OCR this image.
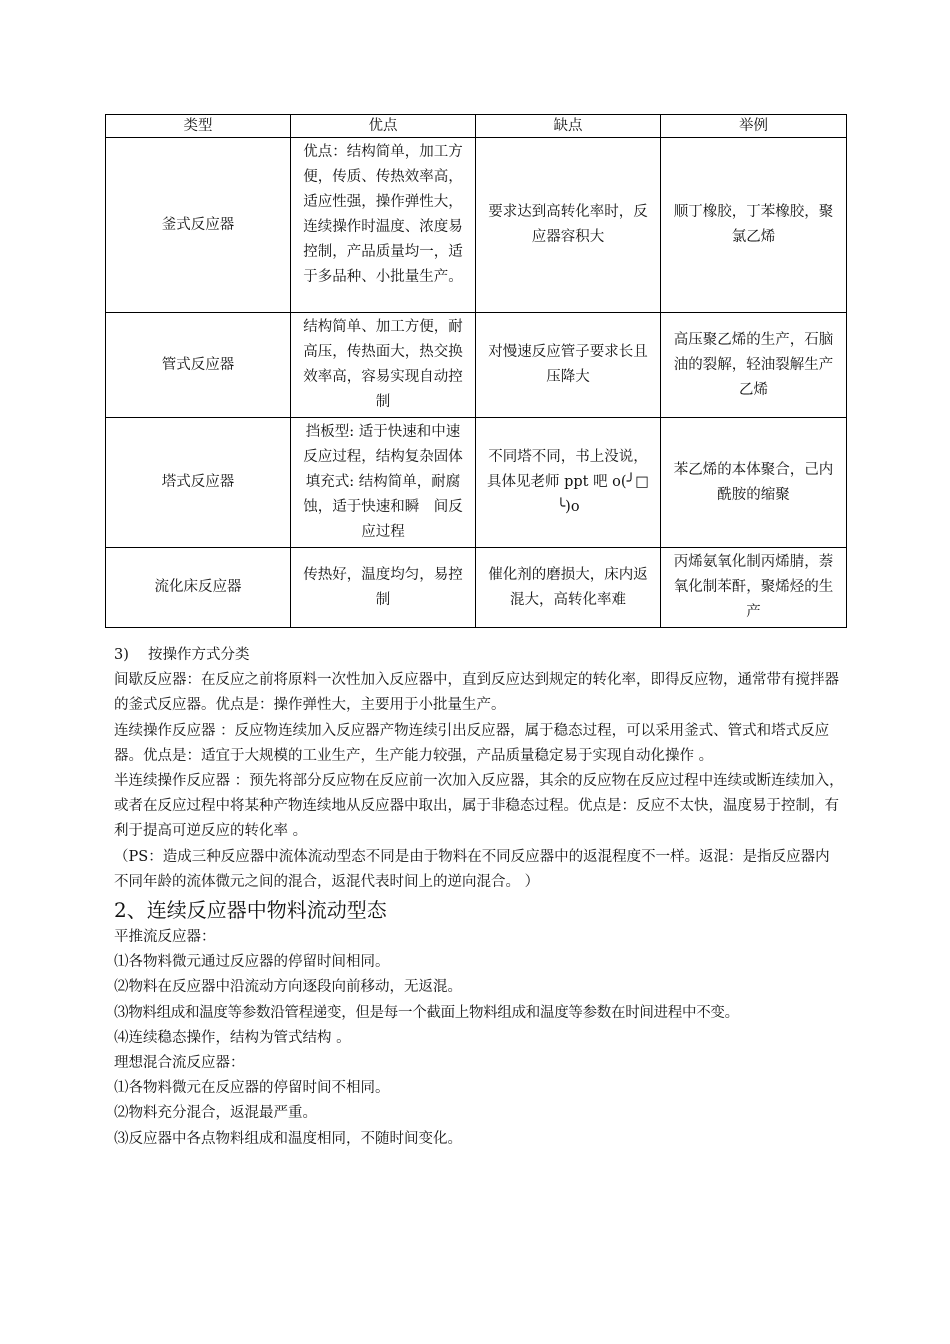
类型	优点	缺点	举例
釜式反应器	优点：结构简单，加工方便，传质、传热效率高，适应性强，操作弹性大，连续操作时温度、浓度易控制，产品质量均一，适于多品种、小批量生产。	要求达到高转化率时，反应器容积大	顺丁橡胶，丁苯橡胶，聚氯乙烯
管式反应器	结构简单、加工方便，耐高压，传热面大，热交换效率高，容易实现自动控制	对慢速反应管子要求长且压降大	高压聚乙烯的生产，石脑油的裂解，轻油裂解生产乙烯
塔式反应器	挡板型: 适于快速和中速反应过程，结构复杂固体填充式: 结构简单，耐腐蚀，适于快速和瞬　间反应过程	不同塔不同，书上没说，具体见老师 ppt 吧 o(╯□╰)o	苯乙烯的本体聚合，己内酰胺的缩聚
流化床反应器	传热好，温度均匀，易控制	催化剂的磨损大，床内返混大，高转化率难	丙烯氨氧化制丙烯腈，萘氧化制苯酐，聚烯烃的生产

3)　 按操作方式分类

间歇反应器：在反应之前将原料一次性加入反应器中，直到反应达到规定的转化率，即得反应物，通常带有搅拌器的釜式反应器。优点是：操作弹性大，主要用于小批量生产。

连续操作反应器 ：反应物连续加入反应器产物连续引出反应器，属于稳态过程，可以采用釜式、管式和塔式反应器。优点是：适宜于大规模的工业生产，生产能力较强，产品质量稳定易于实现自动化操作 。

半连续操作反应器 ：预先将部分反应物在反应前一次加入反应器，其余的反应物在反应过程中连续或断连续加入，或者在反应过程中将某种产物连续地从反应器中取出，属于非稳态过程。优点是：反应不太快，温度易于控制，有利于提高可逆反应的转化率 。

（PS：造成三种反应器中流体流动型态不同是由于物料在不同反应器中的返混程度不一样。返混：是指反应器内不同年龄的流体微元之间的混合，返混代表时间上的逆向混合。 ）

2、连续反应器中物料流动型态

平推流反应器：

⑴各物料微元通过反应器的停留时间相同。

⑵物料在反应器中沿流动方向逐段向前移动，无返混。

⑶物料组成和温度等参数沿管程递变，但是每一个截面上物料组成和温度等参数在时间进程中不变。

⑷连续稳态操作，结构为管式结构 。

理想混合流反应器：

⑴各物料微元在反应器的停留时间不相同。

⑵物料充分混合，返混最严重。

⑶反应器中各点物料组成和温度相同，不随时间变化。
